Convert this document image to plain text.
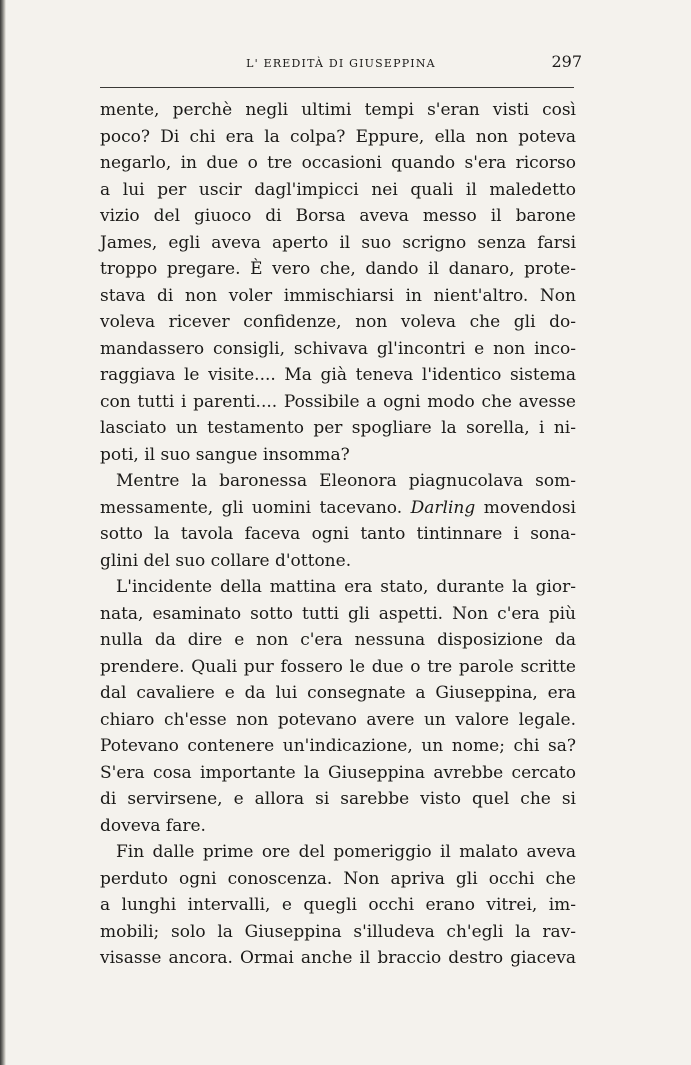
L' EREDITÀ DI GIUSEPPINA	297
mente, perchè negli ultimi tempi s'eran visti così
poco? Di chi era la colpa? Eppure, ella non poteva
negarlo, in due o tre occasioni quando s'era ricorso
a lui per uscir dagl'impicci nei quali il maledetto
vizio del giuoco di Borsa aveva messo il barone
James, egli aveva aperto il suo scrigno senza farsi
troppo pregare. È vero che, dando il danaro, prote-
stava di non voler immischiarsi in nient'altro. Non
voleva ricever confidenze, non voleva che gli do-
mandassero consigli, schivava gl'incontri e non inco-
raggiava le visite.... Ma già teneva l'identico sistema
con tutti i parenti.... Possibile a ogni modo che avesse
lasciato un testamento per spogliare la sorella, i ni-
poti, il suo sangue insomma?
Mentre la baronessa Eleonora piagnucolava som-
messamente, gli uomini tacevano. Darling movendosi
sotto la tavola faceva ogni tanto tintinnare i sona-
glini del suo collare d'ottone.
L'incidente della mattina era stato, durante la gior-
nata, esaminato sotto tutti gli aspetti. Non c'era più
nulla da dire e non c'era nessuna disposizione da
prendere. Quali pur fossero le due o tre parole scritte
dal cavaliere e da lui consegnate a Giuseppina, era
chiaro ch'esse non potevano avere un valore legale.
Potevano contenere un'indicazione, un nome; chi sa?
S'era cosa importante la Giuseppina avrebbe cercato
di servirsene, e allora si sarebbe visto quel che si
doveva fare.
Fin dalle prime ore del pomeriggio il malato aveva
perduto ogni conoscenza. Non apriva gli occhi che
a lunghi intervalli, e quegli occhi erano vitrei, im-
mobili; solo la Giuseppina s'illudeva ch'egli la rav-
visasse ancora. Ormai anche il braccio destro giaceva
